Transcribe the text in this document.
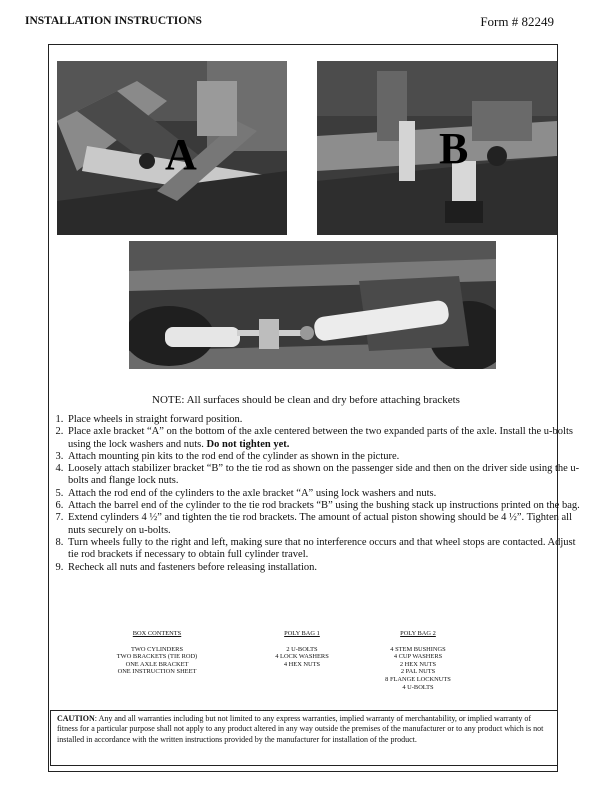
INSTALLATION INSTRUCTIONS	Form # 82249
A	B
NOTE: All surfaces should be clean and dry before attaching brackets
1. Place wheels in straight forward position.
2. Place axle bracket “A” on the bottom of the axle centered between the two expanded parts of the axle. Install the u-bolts using the lock washers and nuts. Do not tighten yet.
3. Attach mounting pin kits to the rod end of the cylinder as shown in the picture.
4. Loosely attach stabilizer bracket “B” to the tie rod as shown on the passenger side and then on the driver side using the u-bolts and flange lock nuts.
5. Attach the rod end of the cylinders to the axle bracket “A” using lock washers and nuts.
6. Attach the barrel end of the cylinder to the tie rod brackets “B” using the bushing stack up instructions printed on the bag.
7. Extend cylinders 4 ½” and tighten the tie rod brackets. The amount of actual piston showing should be 4 ½”. Tighten all nuts securely on u-bolts.
8. Turn wheels fully to the right and left, making sure that no interference occurs and that wheel stops are contacted. Adjust tie rod brackets if necessary to obtain full cylinder travel.
9. Recheck all nuts and fasteners before releasing installation.
BOX CONTENTS
TWO CYLINDERS
TWO BRACKETS (TIE ROD)
ONE AXLE BRACKET
ONE INSTRUCTION SHEET
POLY BAG 1
2 U-BOLTS
4 LOCK WASHERS
4 HEX NUTS
POLY BAG 2
4 STEM BUSHINGS
4 CUP WASHERS
2 HEX NUTS
2 PAL NUTS
8 FLANGE LOCKNUTS
4 U-BOLTS
CAUTION: Any and all warranties including but not limited to any express warranties, implied warranty of merchantability, or implied warranty of fitness for a particular purpose shall not apply to any product altered in any way outside the premises of the manufacturer or to any product which is not installed in accordance with the written instructions provided by the manufacturer for installation of the product.
